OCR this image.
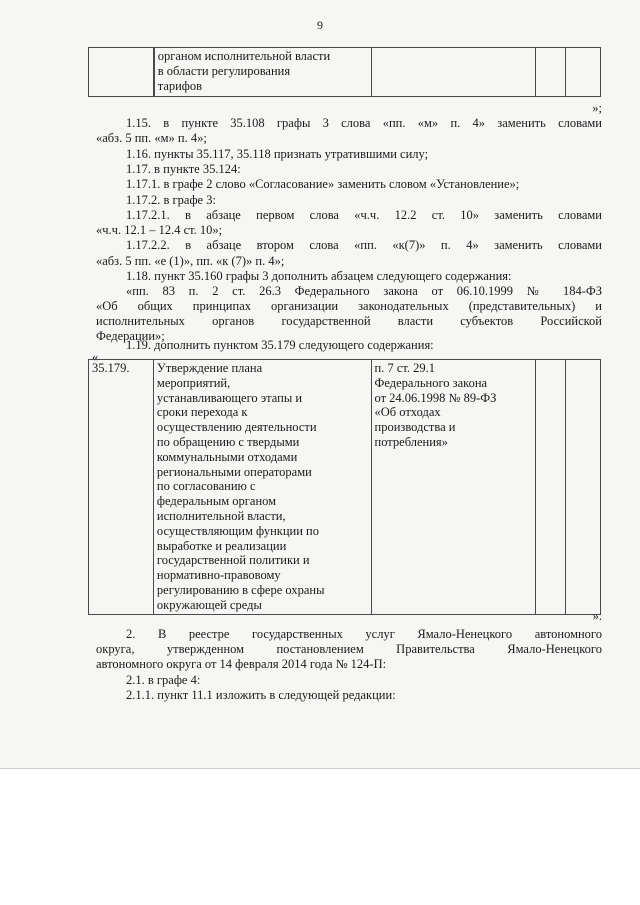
9

органом исполнительной власти
в области регулирования
тарифов

»;
1.15. в пункте 35.108 графы 3 слова «пп. «м» п. 4» заменить словами
«абз. 5 пп. «м» п. 4»;
1.16. пункты 35.117, 35.118 признать утратившими силу;
1.17. в пункте 35.124:
1.17.1. в графе 2 слово «Согласование» заменить словом «Установление»;
1.17.2. в графе 3:
1.17.2.1. в абзаце первом слова «ч.ч. 12.2 ст. 10» заменить словами
«ч.ч. 12.1 – 12.4 ст. 10»;
1.17.2.2. в абзаце втором слова «пп. «к(7)» п. 4» заменить словами
«абз. 5 пп. «е (1)», пп. «к (7)» п. 4»;
1.18. пункт 35.160 графы 3 дополнить абзацем следующего содержания:
«пп. 83 п. 2 ст. 26.3 Федерального закона от 06.10.1999 № 184-ФЗ
«Об общих принципах организации законодательных (представительных) и
исполнительных органов государственной власти субъектов Российской
Федерации»;
1.19. дополнить пунктом 35.179 следующего содержания:
«
35.179.	Утверждение плана
мероприятий,
устанавливающего этапы и
сроки перехода к
осуществлению деятельности
по обращению с твердыми
коммунальными отходами
региональными операторами
по согласованию с
федеральным органом
исполнительной власти,
осуществляющим функции по
выработке и реализации
государственной политики и
нормативно-правовому
регулированию в сфере охраны
окружающей среды

п. 7 ст. 29.1
Федерального закона
от 24.06.1998 № 89-ФЗ
«Об отходах
производства и
потребления»

».
2. В реестре государственных услуг Ямало-Ненецкого автономного
округа, утвержденном постановлением Правительства Ямало-Ненецкого
автономного округа от 14 февраля 2014 года № 124-П:
2.1. в графе 4:
2.1.1. пункт 11.1 изложить в следующей редакции:
